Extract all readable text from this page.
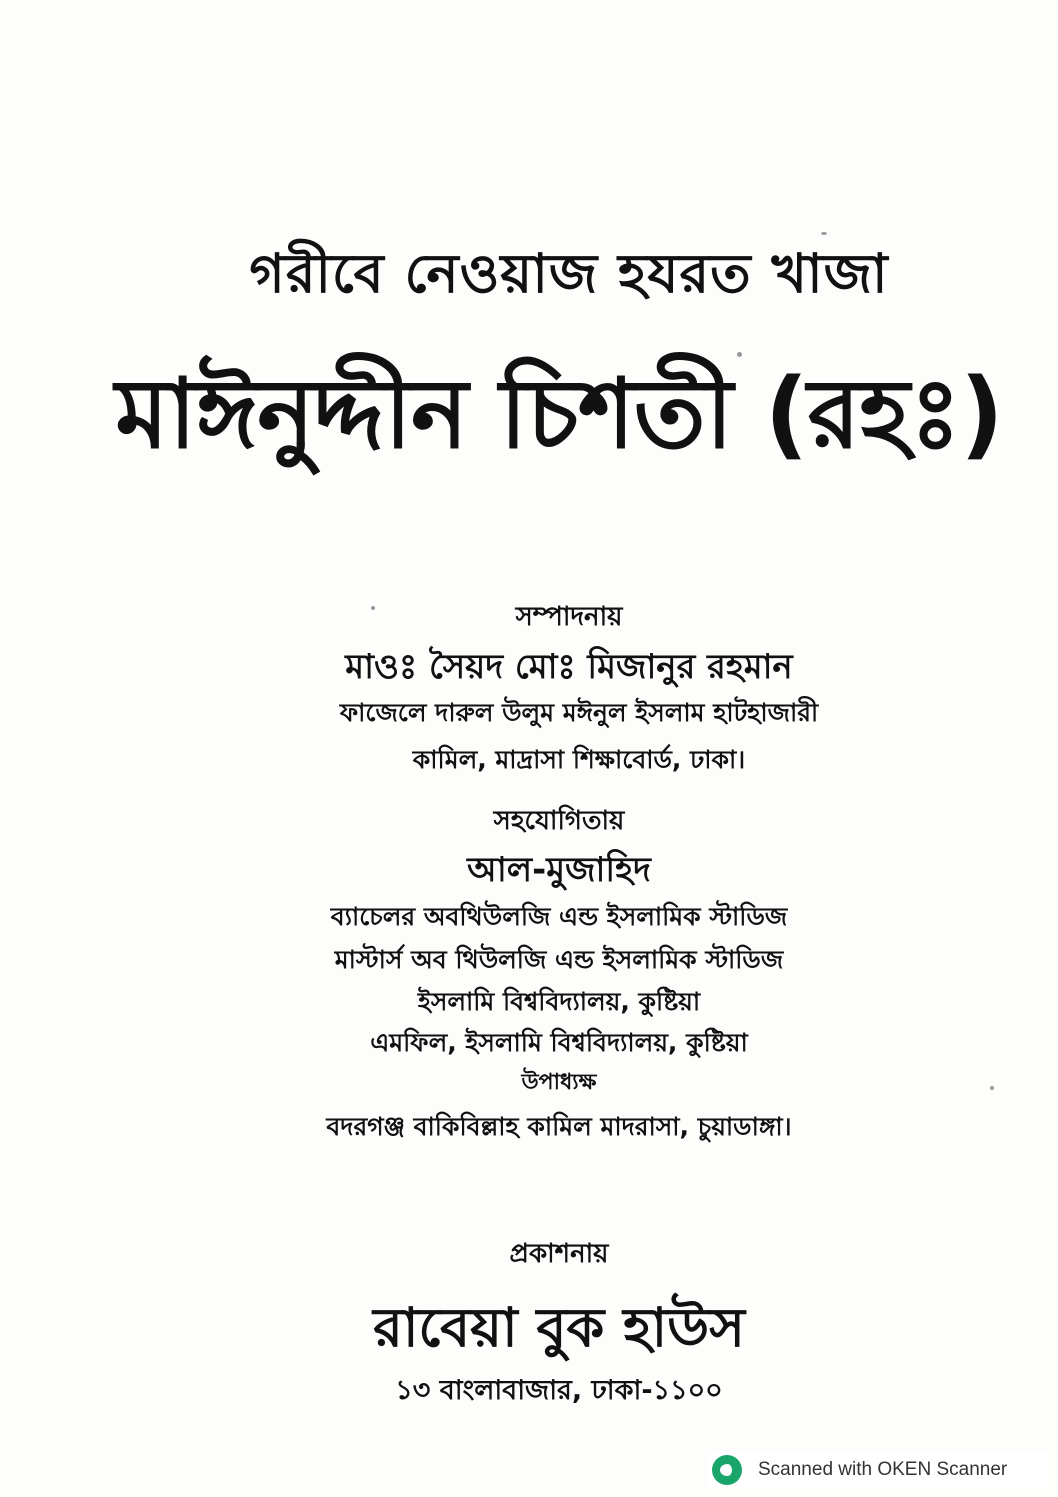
গরীবে নেওয়াজ হযরত খাজা
মাঈনুদ্দীন চিশতী (রহঃ)
সম্পাদনায়
মাওঃ সৈয়দ মোঃ মিজানুর রহমান
ফাজেলে দারুল উলুম মঈনুল ইসলাম হাটহাজারী
কামিল, মাদ্রাসা শিক্ষাবোর্ড, ঢাকা।
সহযোগিতায়
আল-মুজাহিদ
ব্যাচেলর অবথিউলজি এন্ড ইসলামিক স্টাডিজ
মাস্টার্স অব থিউলজি এন্ড ইসলামিক স্টাডিজ
ইসলামি বিশ্ববিদ্যালয়, কুষ্টিয়া
এমফিল, ইসলামি বিশ্ববিদ্যালয়, কুষ্টিয়া
উপাধ্যক্ষ
বদরগঞ্জ বাকিবিল্লাহ কামিল মাদরাসা, চুয়াডাঙ্গা।
প্রকাশনায়
রাবেয়া বুক হাউস
১৩ বাংলাবাজার, ঢাকা-১১০০
Scanned with OKEN Scanner
